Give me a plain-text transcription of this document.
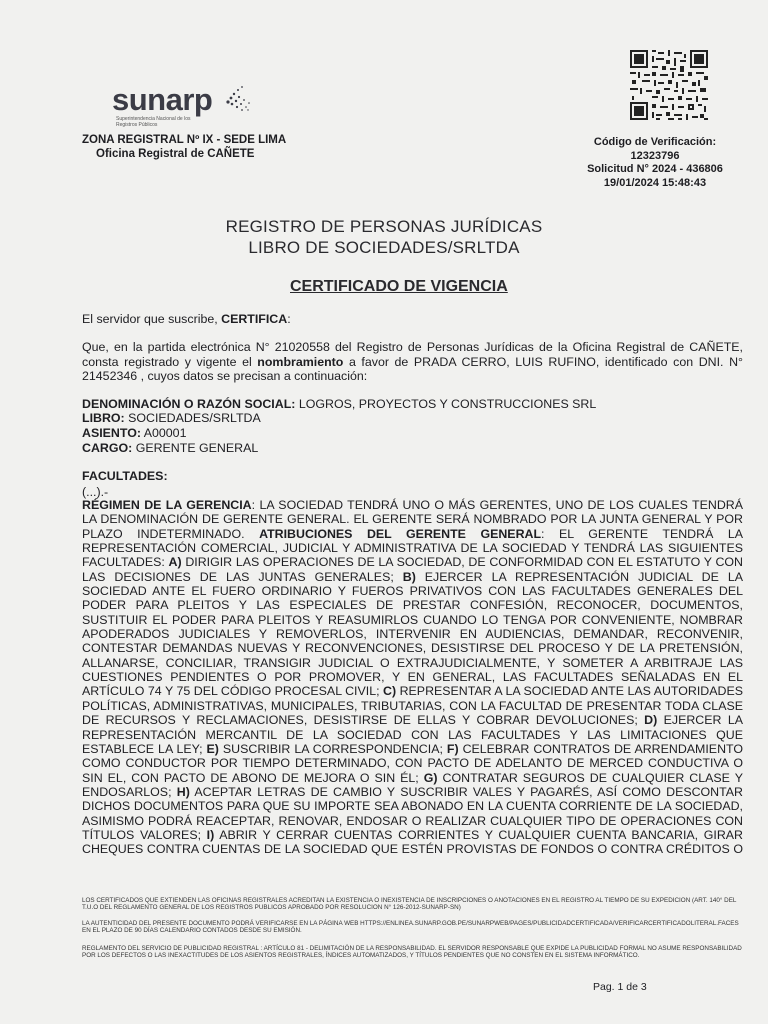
sunarp
Superintendencia Nacional de los Registros Públicos
ZONA REGISTRAL Nº IX - SEDE LIMA
Oficina Registral de CAÑETE
Código de Verificación:
12323796
Solicitud N° 2024 - 436806
19/01/2024 15:48:43
REGISTRO DE PERSONAS JURÍDICAS
LIBRO DE SOCIEDADES/SRLTDA
CERTIFICADO DE VIGENCIA
El servidor que suscribe, CERTIFICA:
Que, en la partida electrónica N° 21020558 del Registro de Personas Jurídicas de la Oficina Registral de CAÑETE, consta registrado y vigente el nombramiento a favor de PRADA CERRO, LUIS RUFINO, identificado con DNI. N° 21452346 , cuyos datos se precisan a continuación:
DENOMINACIÓN O RAZÓN SOCIAL: LOGROS, PROYECTOS Y CONSTRUCCIONES SRL
LIBRO: SOCIEDADES/SRLTDA
ASIENTO: A00001
CARGO: GERENTE GENERAL
FACULTADES:
(...).-
RÉGIMEN DE LA GERENCIA: LA SOCIEDAD TENDRÁ UNO O MÁS GERENTES, UNO DE LOS CUALES TENDRÁ LA DENOMINACIÓN DE GERENTE GENERAL. EL GERENTE SERÁ NOMBRADO POR LA JUNTA GENERAL Y POR PLAZO INDETERMINADO. ATRIBUCIONES DEL GERENTE GENERAL: EL GERENTE TENDRÁ LA REPRESENTACIÓN COMERCIAL, JUDICIAL Y ADMINISTRATIVA DE LA SOCIEDAD Y TENDRÁ LAS SIGUIENTES FACULTADES: A) DIRIGIR LAS OPERACIONES DE LA SOCIEDAD, DE CONFORMIDAD CON EL ESTATUTO Y CON LAS DECISIONES DE LAS JUNTAS GENERALES; B) EJERCER LA REPRESENTACIÓN JUDICIAL DE LA SOCIEDAD ANTE EL FUERO ORDINARIO Y FUEROS PRIVATIVOS CON LAS FACULTADES GENERALES DEL PODER PARA PLEITOS Y LAS ESPECIALES DE PRESTAR CONFESIÓN, RECONOCER, DOCUMENTOS, SUSTITUIR EL PODER PARA PLEITOS Y REASUMIRLOS CUANDO LO TENGA POR CONVENIENTE, NOMBRAR APODERADOS JUDICIALES Y REMOVERLOS, INTERVENIR EN AUDIENCIAS, DEMANDAR, RECONVENIR, CONTESTAR DEMANDAS NUEVAS Y RECONVENCIONES, DESISTIRSE DEL PROCESO Y DE LA PRETENSIÓN, ALLANARSE, CONCILIAR, TRANSIGIR JUDICIAL O EXTRAJUDICIALMENTE, Y SOMETER A ARBITRAJE LAS CUESTIONES PENDIENTES O POR PROMOVER, Y EN GENERAL, LAS FACULTADES SEÑALADAS EN EL ARTÍCULO 74 Y 75 DEL CÓDIGO PROCESAL CIVIL; C) REPRESENTAR A LA SOCIEDAD ANTE LAS AUTORIDADES POLÍTICAS, ADMINISTRATIVAS, MUNICIPALES, TRIBUTARIAS, CON LA FACULTAD DE PRESENTAR TODA CLASE DE RECURSOS Y RECLAMACIONES, DESISTIRSE DE ELLAS Y COBRAR DEVOLUCIONES; D) EJERCER LA REPRESENTACIÓN MERCANTIL DE LA SOCIEDAD CON LAS FACULTADES Y LAS LIMITACIONES QUE ESTABLECE LA LEY; E) SUSCRIBIR LA CORRESPONDENCIA; F) CELEBRAR CONTRATOS DE ARRENDAMIENTO COMO CONDUCTOR POR TIEMPO DETERMINADO, CON PACTO DE ADELANTO DE MERCED CONDUCTIVA O SIN EL, CON PACTO DE ABONO DE MEJORA O SIN ÉL; G) CONTRATAR SEGUROS DE CUALQUIER CLASE Y ENDOSARLOS; H) ACEPTAR LETRAS DE CAMBIO Y SUSCRIBIR VALES Y PAGARÉS, ASÍ COMO DESCONTAR DICHOS DOCUMENTOS PARA QUE SU IMPORTE SEA ABONADO EN LA CUENTA CORRIENTE DE LA SOCIEDAD, ASIMISMO PODRÁ REACEPTAR, RENOVAR, ENDOSAR O REALIZAR CUALQUIER TIPO DE OPERACIONES CON TÍTULOS VALORES; I) ABRIR Y CERRAR CUENTAS CORRIENTES Y CUALQUIER CUENTA BANCARIA, GIRAR CHEQUES CONTRA CUENTAS DE LA SOCIEDAD QUE ESTÉN PROVISTAS DE FONDOS O CONTRA CRÉDITOS O
LOS CERTIFICADOS QUE EXTIENDEN LAS OFICINAS REGISTRALES ACREDITAN LA EXISTENCIA O INEXISTENCIA DE INSCRIPCIONES O ANOTACIONES EN EL REGISTRO AL TIEMPO DE SU EXPEDICION (ART. 140° DEL T.U.O DEL REGLAMENTO GENERAL DE LOS REGISTROS PUBLICOS APROBADO POR RESOLUCION N° 126-2012-SUNARP-SN)
LA AUTENTICIDAD DEL PRESENTE DOCUMENTO PODRÁ VERIFICARSE EN LA PÁGINA WEB HTTPS://ENLINEA.SUNARP.GOB.PE/SUNARPWEB/PAGES/PUBLICIDADCERTIFICADA/VERIFICARCERTIFICADOLITERAL.FACES EN EL PLAZO DE 90 DÍAS CALENDARIO CONTADOS DESDE SU EMISIÓN.
REGLAMENTO DEL SERVICIO DE PUBLICIDAD REGISTRAL : ARTÍCULO 81 - DELIMITACIÓN DE LA RESPONSABILIDAD. EL SERVIDOR RESPONSABLE QUE EXPIDE LA PUBLICIDAD FORMAL NO ASUME RESPONSABILIDAD POR LOS DEFECTOS O LAS INEXACTITUDES DE LOS ASIENTOS REGISTRALES, ÍNDICES AUTOMATIZADOS, Y TÍTULOS PENDIENTES QUE NO CONSTEN EN EL SISTEMA INFORMÁTICO.
Pag. 1 de 3
